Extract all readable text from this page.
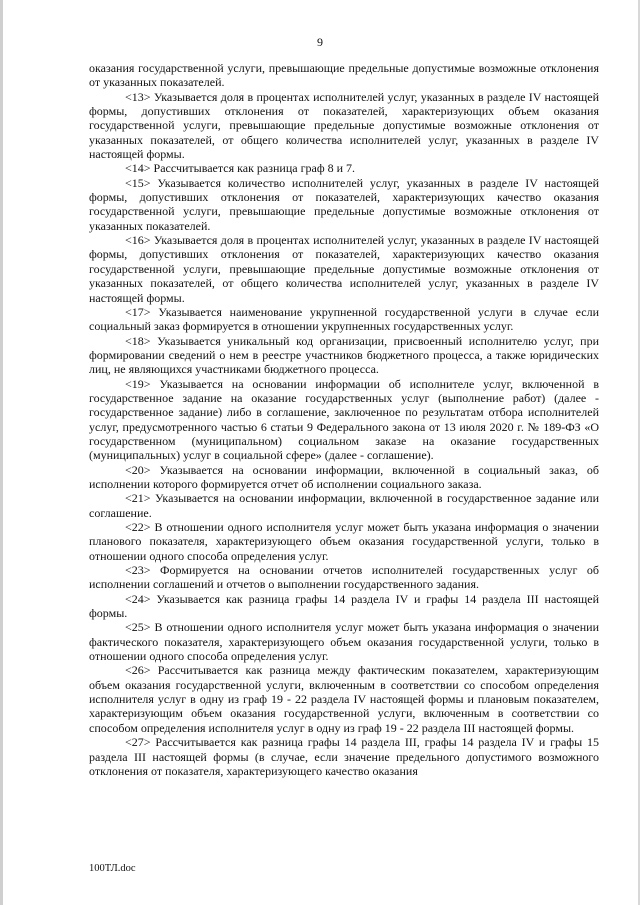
9

оказания государственной услуги, превышающие предельные допустимые возможные отклонения от указанных показателей.

<13> Указывается доля в процентах исполнителей услуг, указанных в разделе IV настоящей формы, допустивших отклонения от показателей, характеризующих объем оказания государственной услуги, превышающие предельные допустимые возможные отклонения от указанных показателей, от общего количества исполнителей услуг, указанных в разделе IV настоящей формы.

<14> Рассчитывается как разница граф 8 и 7.

<15> Указывается количество исполнителей услуг, указанных в разделе IV настоящей формы, допустивших отклонения от показателей, характеризующих качество оказания государственной услуги, превышающие предельные допустимые возможные отклонения от указанных показателей.

<16> Указывается доля в процентах исполнителей услуг, указанных в разделе IV настоящей формы, допустивших отклонения от показателей, характеризующих качество оказания государственной услуги, превышающие предельные допустимые возможные отклонения от указанных показателей, от общего количества исполнителей услуг, указанных в разделе IV настоящей формы.

<17> Указывается наименование укрупненной государственной услуги в случае если социальный заказ формируется в отношении укрупненных государственных услуг.

<18> Указывается уникальный код организации, присвоенный исполнителю услуг, при формировании сведений о нем в реестре участников бюджетного процесса, а также юридических лиц, не являющихся участниками бюджетного процесса.

<19> Указывается на основании информации об исполнителе услуг, включенной в государственное задание на оказание государственных услуг (выполнение работ) (далее - государственное задание) либо в соглашение, заключенное по результатам отбора исполнителей услуг, предусмотренного частью 6 статьи 9 Федерального закона от 13 июля 2020 г. № 189-ФЗ «О государственном (муниципальном) социальном заказе на оказание государственных (муниципальных) услуг в социальной сфере» (далее - соглашение).

<20> Указывается на основании информации, включенной в социальный заказ, об исполнении которого формируется отчет об исполнении социального заказа.

<21> Указывается на основании информации, включенной в государственное задание или соглашение.

<22> В отношении одного исполнителя услуг может быть указана информация о значении планового показателя, характеризующего объем оказания государственной услуги, только в отношении одного способа определения услуг.

<23> Формируется на основании отчетов исполнителей государственных услуг об исполнении соглашений и отчетов о выполнении государственного задания.

<24> Указывается как разница графы 14 раздела IV и графы 14 раздела III настоящей формы.

<25> В отношении одного исполнителя услуг может быть указана информация о значении фактического показателя, характеризующего объем оказания государственной услуги, только в отношении одного способа определения услуг.

<26> Рассчитывается как разница между фактическим показателем, характеризующим объем оказания государственной услуги, включенным в соответствии со способом определения исполнителя услуг в одну из граф 19 - 22 раздела IV настоящей формы и плановым показателем, характеризующим объем оказания государственной услуги, включенным в соответствии со способом определения исполнителя услуг в одну из граф 19 - 22 раздела III настоящей формы.

<27> Рассчитывается как разница графы 14 раздела III, графы 14 раздела IV и графы 15 раздела III настоящей формы (в случае, если значение предельного допустимого возможного отклонения от показателя, характеризующего качество оказания

100ТЛ.doc
